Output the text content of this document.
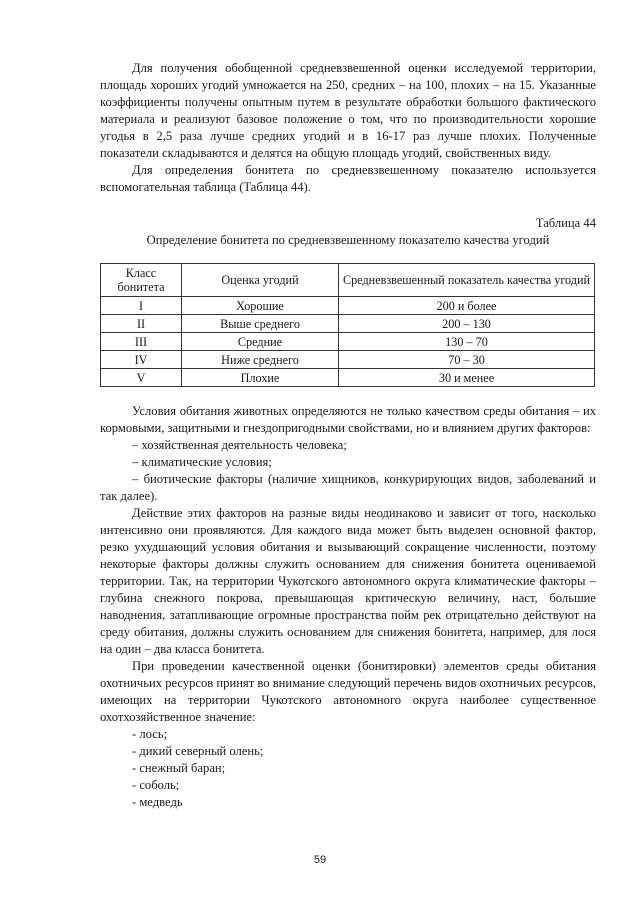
Для получения обобщенной средневзвешенной оценки исследуемой территории, площадь хороших угодий умножается на 250, средних – на 100, плохих – на 15. Указанные коэффициенты получены опытным путем в результате обработки большого фактического материала и реализуют базовое положение о том, что по производительности хорошие угодья в 2,5 раза лучше средних угодий и в 16-17 раз лучше плохих. Полученные показатели складываются и делятся на общую площадь угодий, свойственных виду.

Для определения бонитета по средневзвешенному показателю используется вспомогательная таблица (Таблица 44).

Таблица 44

Определение бонитета по средневзвешенному показателю качества угодий

Класс бонитета	Оценка угодий	Средневзвешенный показатель качества угодий
I	Хорошие	200 и более
II	Выше среднего	200 – 130
III	Средние	130 – 70
IV	Ниже среднего	70 – 30
V	Плохие	30 и менее

Условия обитания животных определяются не только качеством среды обитания – их кормовыми, защитными и гнездопригодными свойствами, но и влиянием других факторов:

– хозяйственная деятельность человека;

– климатические условия;

– биотические факторы (наличие хищников, конкурирующих видов, заболеваний и так далее).

Действие этих факторов на разные виды неодинаково и зависит от того, насколько интенсивно они проявляются. Для каждого вида может быть выделен основной фактор, резко ухудшающий условия обитания и вызывающий сокращение численности, поэтому некоторые факторы должны служить основанием для снижения бонитета оцениваемой территории. Так, на территории Чукотского автономного округа климатические факторы – глубина снежного покрова, превышающая критическую величину, наст, большие наводнения, затапливающие огромные пространства пойм рек отрицательно действуют на среду обитания, должны служить основанием для снижения бонитета, например, для лося на один – два класса бонитета.

При проведении качественной оценки (бонитировки) элементов среды обитания охотничьих ресурсов принят во внимание следующий перечень видов охотничьих ресурсов, имеющих на территории Чукотского автономного округа наиболее существенное охотхозяйственное значение:

- лось;

- дикий северный олень;

- снежный баран;

- соболь;

- медведь

59
